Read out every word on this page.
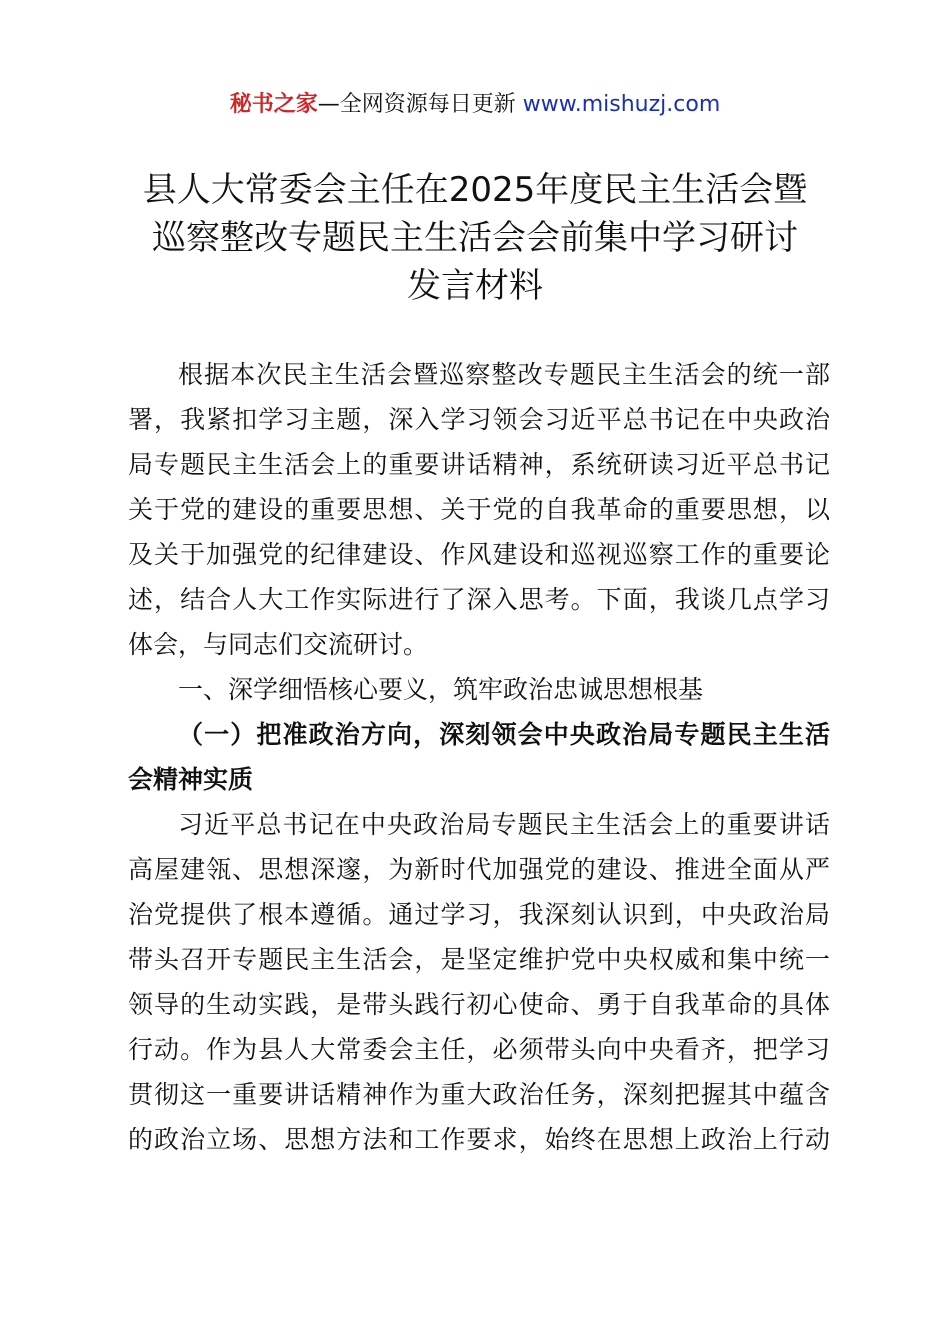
秘书之家—全网资源每日更新 www.mishuzj.com
县人大常委会主任在2025年度民主生活会暨
巡察整改专题民主生活会会前集中学习研讨
发言材料
根据本次民主生活会暨巡察整改专题民主生活会的统一部
署，我紧扣学习主题，深入学习领会习近平总书记在中央政治
局专题民主生活会上的重要讲话精神，系统研读习近平总书记
关于党的建设的重要思想、关于党的自我革命的重要思想，以
及关于加强党的纪律建设、作风建设和巡视巡察工作的重要论
述，结合人大工作实际进行了深入思考。下面，我谈几点学习
体会，与同志们交流研讨。
一、深学细悟核心要义，筑牢政治忠诚思想根基
（一）把准政治方向，深刻领会中央政治局专题民主生活
会精神实质
习近平总书记在中央政治局专题民主生活会上的重要讲话
高屋建瓴、思想深邃，为新时代加强党的建设、推进全面从严
治党提供了根本遵循。通过学习，我深刻认识到，中央政治局
带头召开专题民主生活会，是坚定维护党中央权威和集中统一
领导的生动实践，是带头践行初心使命、勇于自我革命的具体
行动。作为县人大常委会主任，必须带头向中央看齐，把学习
贯彻这一重要讲话精神作为重大政治任务，深刻把握其中蕴含
的政治立场、思想方法和工作要求，始终在思想上政治上行动
